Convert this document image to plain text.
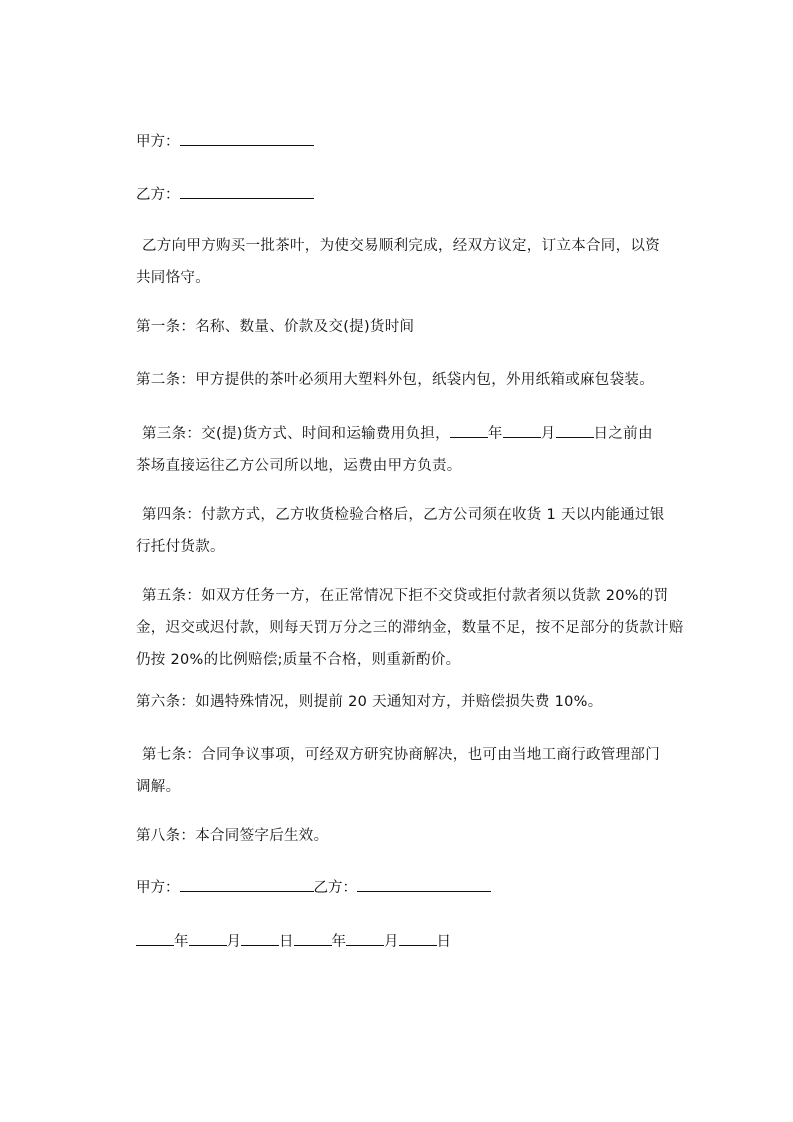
甲方：
乙方：
乙方向甲方购买一批茶叶，为使交易顺利完成，经双方议定，订立本合同，以资
共同恪守。
第一条：名称、数量、价款及交(提)货时间
第二条：甲方提供的茶叶必须用大塑料外包，纸袋内包，外用纸箱或麻包袋装。
第三条：交(提)货方式、时间和运输费用负担，	年	月	日之前由
茶场直接运往乙方公司所以地，运费由甲方负责。
第四条：付款方式，乙方收货检验合格后，乙方公司须在收货 1 天以内能通过银
行托付货款。
第五条：如双方任务一方，在正常情况下拒不交贷或拒付款者须以货款 20%的罚
金，迟交或迟付款，则每天罚万分之三的滞纳金，数量不足，按不足部分的货款计赔
仍按 20%的比例赔偿;质量不合格，则重新酌价。
第六条：如遇特殊情况，则提前 20 天通知对方，并赔偿损失费 10%。
第七条：合同争议事项，可经双方研究协商解决，也可由当地工商行政管理部门
调解。
第八条：本合同签字后生效。
甲方：	乙方：
年	月	日	年	月	日
